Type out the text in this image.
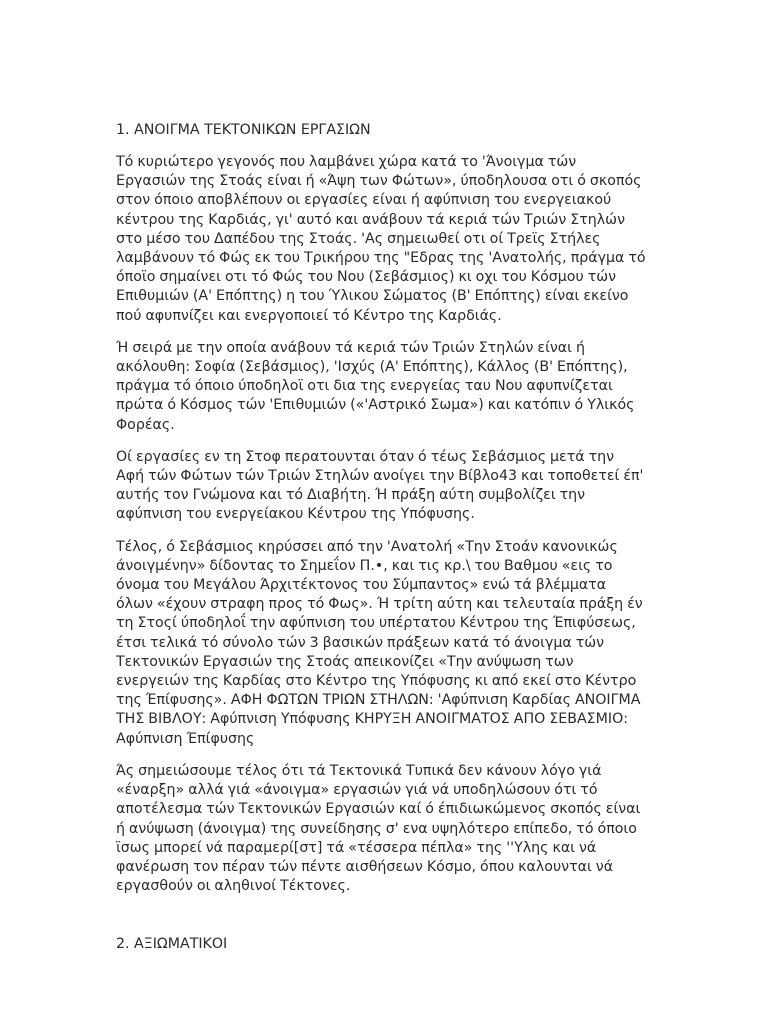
1. ΑΝΟΙΓΜΑ ΤΕΚΤΟΝΙΚΩΝ ΕΡΓΑΣΙΩΝ
Τό κυριώτερο γεγονός που λαμβάνει χώρα κατά το 'Άνοιγμα τών
Εργασιών της Στοάς είναι ή «Άψη των Φώτων», ύποδηλουσα οτι ό σκοπός
στον όποιο αποβλέπουν οι εργασίες είναι ή αφύπνιση του ενεργειακού
κέντρου της Καρδιάς, γι' αυτό και ανάβουν τά κεριά τών Τριών Στηλών
στο μέσο του Δαπέδου της Στοάς. 'Ας σημειωθεί οτι οί Τρεϊς Στήλες
λαμβάνουν τό Φώς εκ του Τρικήρου της "Εδρας της 'Ανατολής, πράγμα τό
όποϊο σημαίνει οτι τό Φώς του Νου (Σεβάσμιος) κι οχι του Κόσμου τών
Επιθυμιών (Α' Επόπτης) η του Ύλικου Σώματος (Β' Επόπτης) είναι εκείνο
πού αφυπνίζει και ενεργοποιεί τό Κέντρο της Καρδιάς.
Ή σειρά με την οποία ανάβουν τά κεριά τών Τριών Στηλών είναι ή
ακόλουθη: Σοφία (Σεβάσμιος), 'Ισχύς (Α' Επόπτης), Κάλλος (Β' Επόπτης),
πράγμα τό όποιο ύποδηλοϊ οτι δια της ενεργείας ταυ Νου αφυπνίζεται
πρώτα ό Κόσμος τών 'Επιθυμιών («'Αστρικό Σωμα») και κατόπιν ό Υλικός
Φορέας.
Οί εργασίες εν τη Στοφ περατουνται όταν ό τέως Σεβάσμιος μετά την
Αφή τών Φώτων τών Τριών Στηλών ανοίγει την Βίβλο43 και τοποθετεί έπ'
αυτής τον Γνώμονα και τό Διαβήτη. Ή πράξη αύτη συμβολίζει την
αφύπνιση του ενεργείακου Κέντρου της Υπόφυσης.
Τέλος, ό Σεβάσμιος κηρύσσει από την 'Ανατολή «Την Στοάν κανονικώς
άνοιγμένην» δίδοντας το Σημεΐον Π.•, και τις κρ.\ του Βαθμου «εις το
όνομα του Μεγάλου Άρχιτέκτονος του Σύμπαντος» ενώ τά βλέμματα
όλων «έχουν στραφη προς τό Φως». Ή τρίτη αύτη και τελευταία πράξη έν
τη Στοςί ύποδηλοΐ την αφύπνιση του υπέρτατου Κέντρου της Έπιφύσεως,
έτσι τελικά τό σύνολο τών 3 βασικών πράξεων κατά τό άνοιγμα τών
Τεκτονικών Εργασιών της Στοάς απεικονίζει «Την ανύψωση των
ενεργειών της Καρδίας στο Κέντρο της Υπόφυσης κι από εκεί στο Κέντρο
της Έπίφυσης». ΑΦΗ ΦΩΤΩΝ ΤΡΙΩΝ ΣΤΗΛΩΝ: 'Αφύπνιση Καρδίας ΑΝΟΙΓΜΑ
ΤΗΣ ΒΙΒΛΟΥ: Αφύπνιση Υπόφυσης ΚΗΡΥΞΗ ΑΝΟΙΓΜΑΤΟΣ ΑΠΟ ΣΕΒΑΣΜΙΟ:
Αφύπνιση Έπίφυσης
Άς σημειώσουμε τέλος ότι τά Τεκτονικά Τυπικά δεν κάνουν λόγο γιά
«έναρξη» αλλά γιά «άνοιγμα» εργασιών γιά νά υποδηλώσουν ότι τό
αποτέλεσμα τών Τεκτονικών Εργασιών καί ό έπιδιωκώμενος σκοπός είναι
ή ανύψωση (άνοιγμα) της συνείδησης σ' ενα υψηλότερο επίπεδο, τό όποιο
ϊσως μπορεί νά παραμερί[στ] τά «τέσσερα πέπλα» της ''Υλης και νά
φανέρωση τον πέραν τών πέντε αισθήσεων Κόσμο, όπου καλουνται νά
εργασθούν οι αληθινοί Τέκτονες.
2. ΑΞΙΩΜΑΤΙΚΟΙ
